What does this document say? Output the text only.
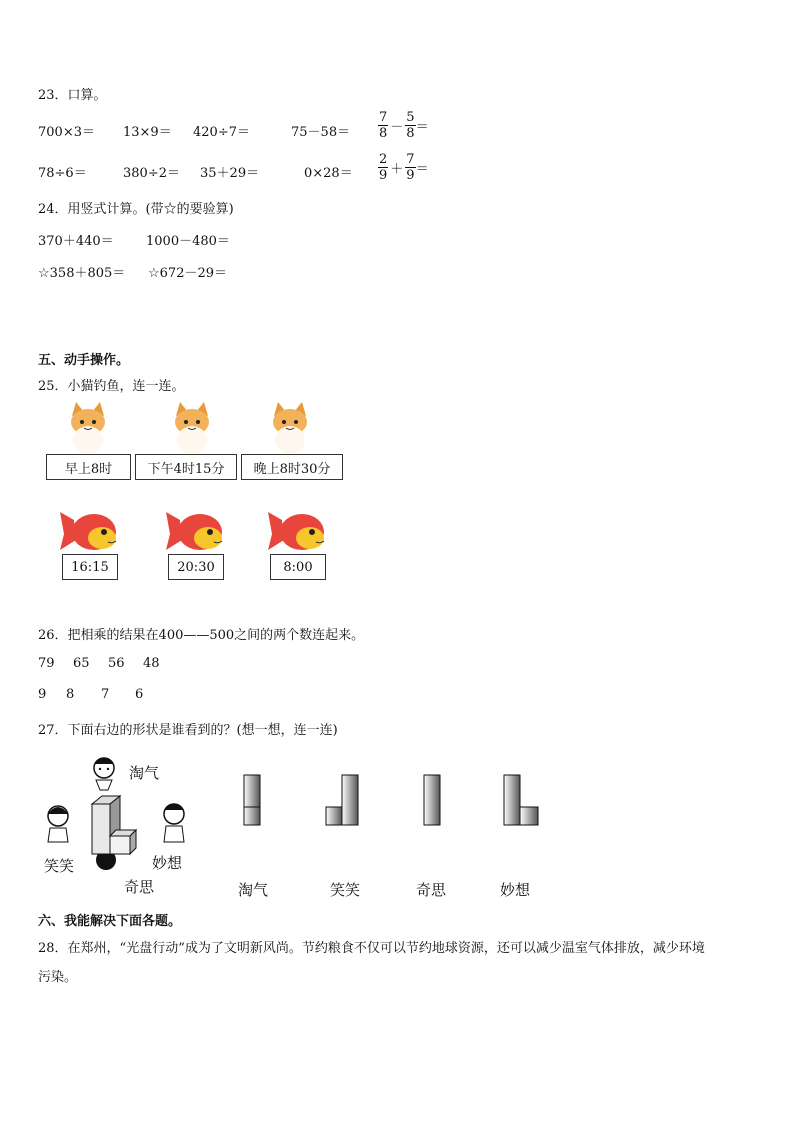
23．口算。
700×3＝ 13×9＝ 420÷7＝	$75-58= \frac{7}{8} - \frac{5}{8}$ ＝
78÷6＝	380÷2＝ 35＋29＝	$0\times 28= \frac{2}{9} + \frac{7}{9}$ ＝
24．用竖式计算。(带☆的要验算)
370＋440＝ 1000－480＝
☆358＋805＝ ☆672－29＝
五、动手操作。
25．小猫钓鱼，连一连。
早上8时	下午4时15分	晚上8时30分
16:15	20:30	8:00
26．把相乘的结果在400——500之间的两个数连起来。
79 65 56 48
9 8 7 6
27．下面右边的形状是谁看到的？(想一想，连一连)
淘气
笑笑	妙想
奇思	淘气	笑笑	奇思	妙想
六、我能解决下面各题。
28．在郑州，“光盘行动”成为了文明新风尚。节约粮食不仅可以节约地球资源，还可以减少温室气体排放，减少环境
污染。
